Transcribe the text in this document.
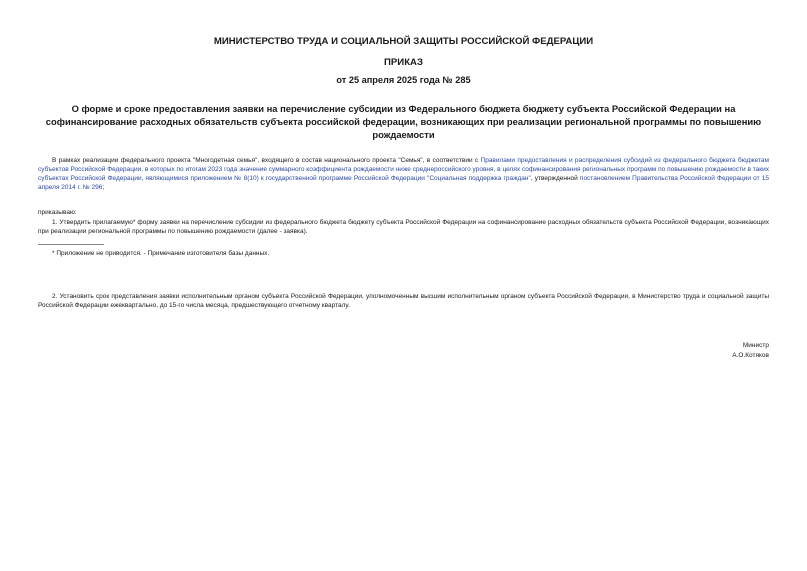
МИНИСТЕРСТВО ТРУДА И СОЦИАЛЬНОЙ ЗАЩИТЫ РОССИЙСКОЙ ФЕДЕРАЦИИ
ПРИКАЗ
от 25 апреля 2025 года № 285
О форме и сроке предоставления заявки на перечисление субсидии из Федерального бюджета бюджету субъекта Российской Федерации на софинансирование расходных обязательств субъекта российской федерации, возникающих при реализации региональной программы по повышению рождаемости

В рамках реализации федерального проекта "Многодетная семья", входящего в состав национального проекта "Семья", в соответствии с Правилами предоставления и распределения субсидий из федерального бюджета бюджетам субъектов Российской Федерации, в которых по итогам 2023 года значение суммарного коэффициента рождаемости ниже среднероссийского уровня, в целях софинансирования региональных программ по повышению рождаемости в таких субъектах Российской Федерации, являющимися приложением № 8(10) к государственной программе Российской Федерации "Социальная поддержка граждан", утвержденной постановлением Правительства Российской Федерации от 15 апреля 2014 г. № 296;

приказываю:

1. Утвердить прилагаемую* форму заявки на перечисление субсидии из федерального бюджета бюджету субъекта Российской Федерации на софинансирование расходных обязательств субъекта Российской Федерации, возникающих при реализации региональной программы по повышению рождаемости (далее - заявка).

* Приложение не приводится. - Примечание изготовителя базы данных.

2. Установить срок представления заявки исполнительным органом субъекта Российской Федерации, уполномоченным высшим исполнительным органом субъекта Российской Федерации, в Министерство труда и социальной защиты Российской Федерации ежеквартально, до 15-го числа месяца, предшествующего отчетному кварталу.

Министр
А.О.Котяков
